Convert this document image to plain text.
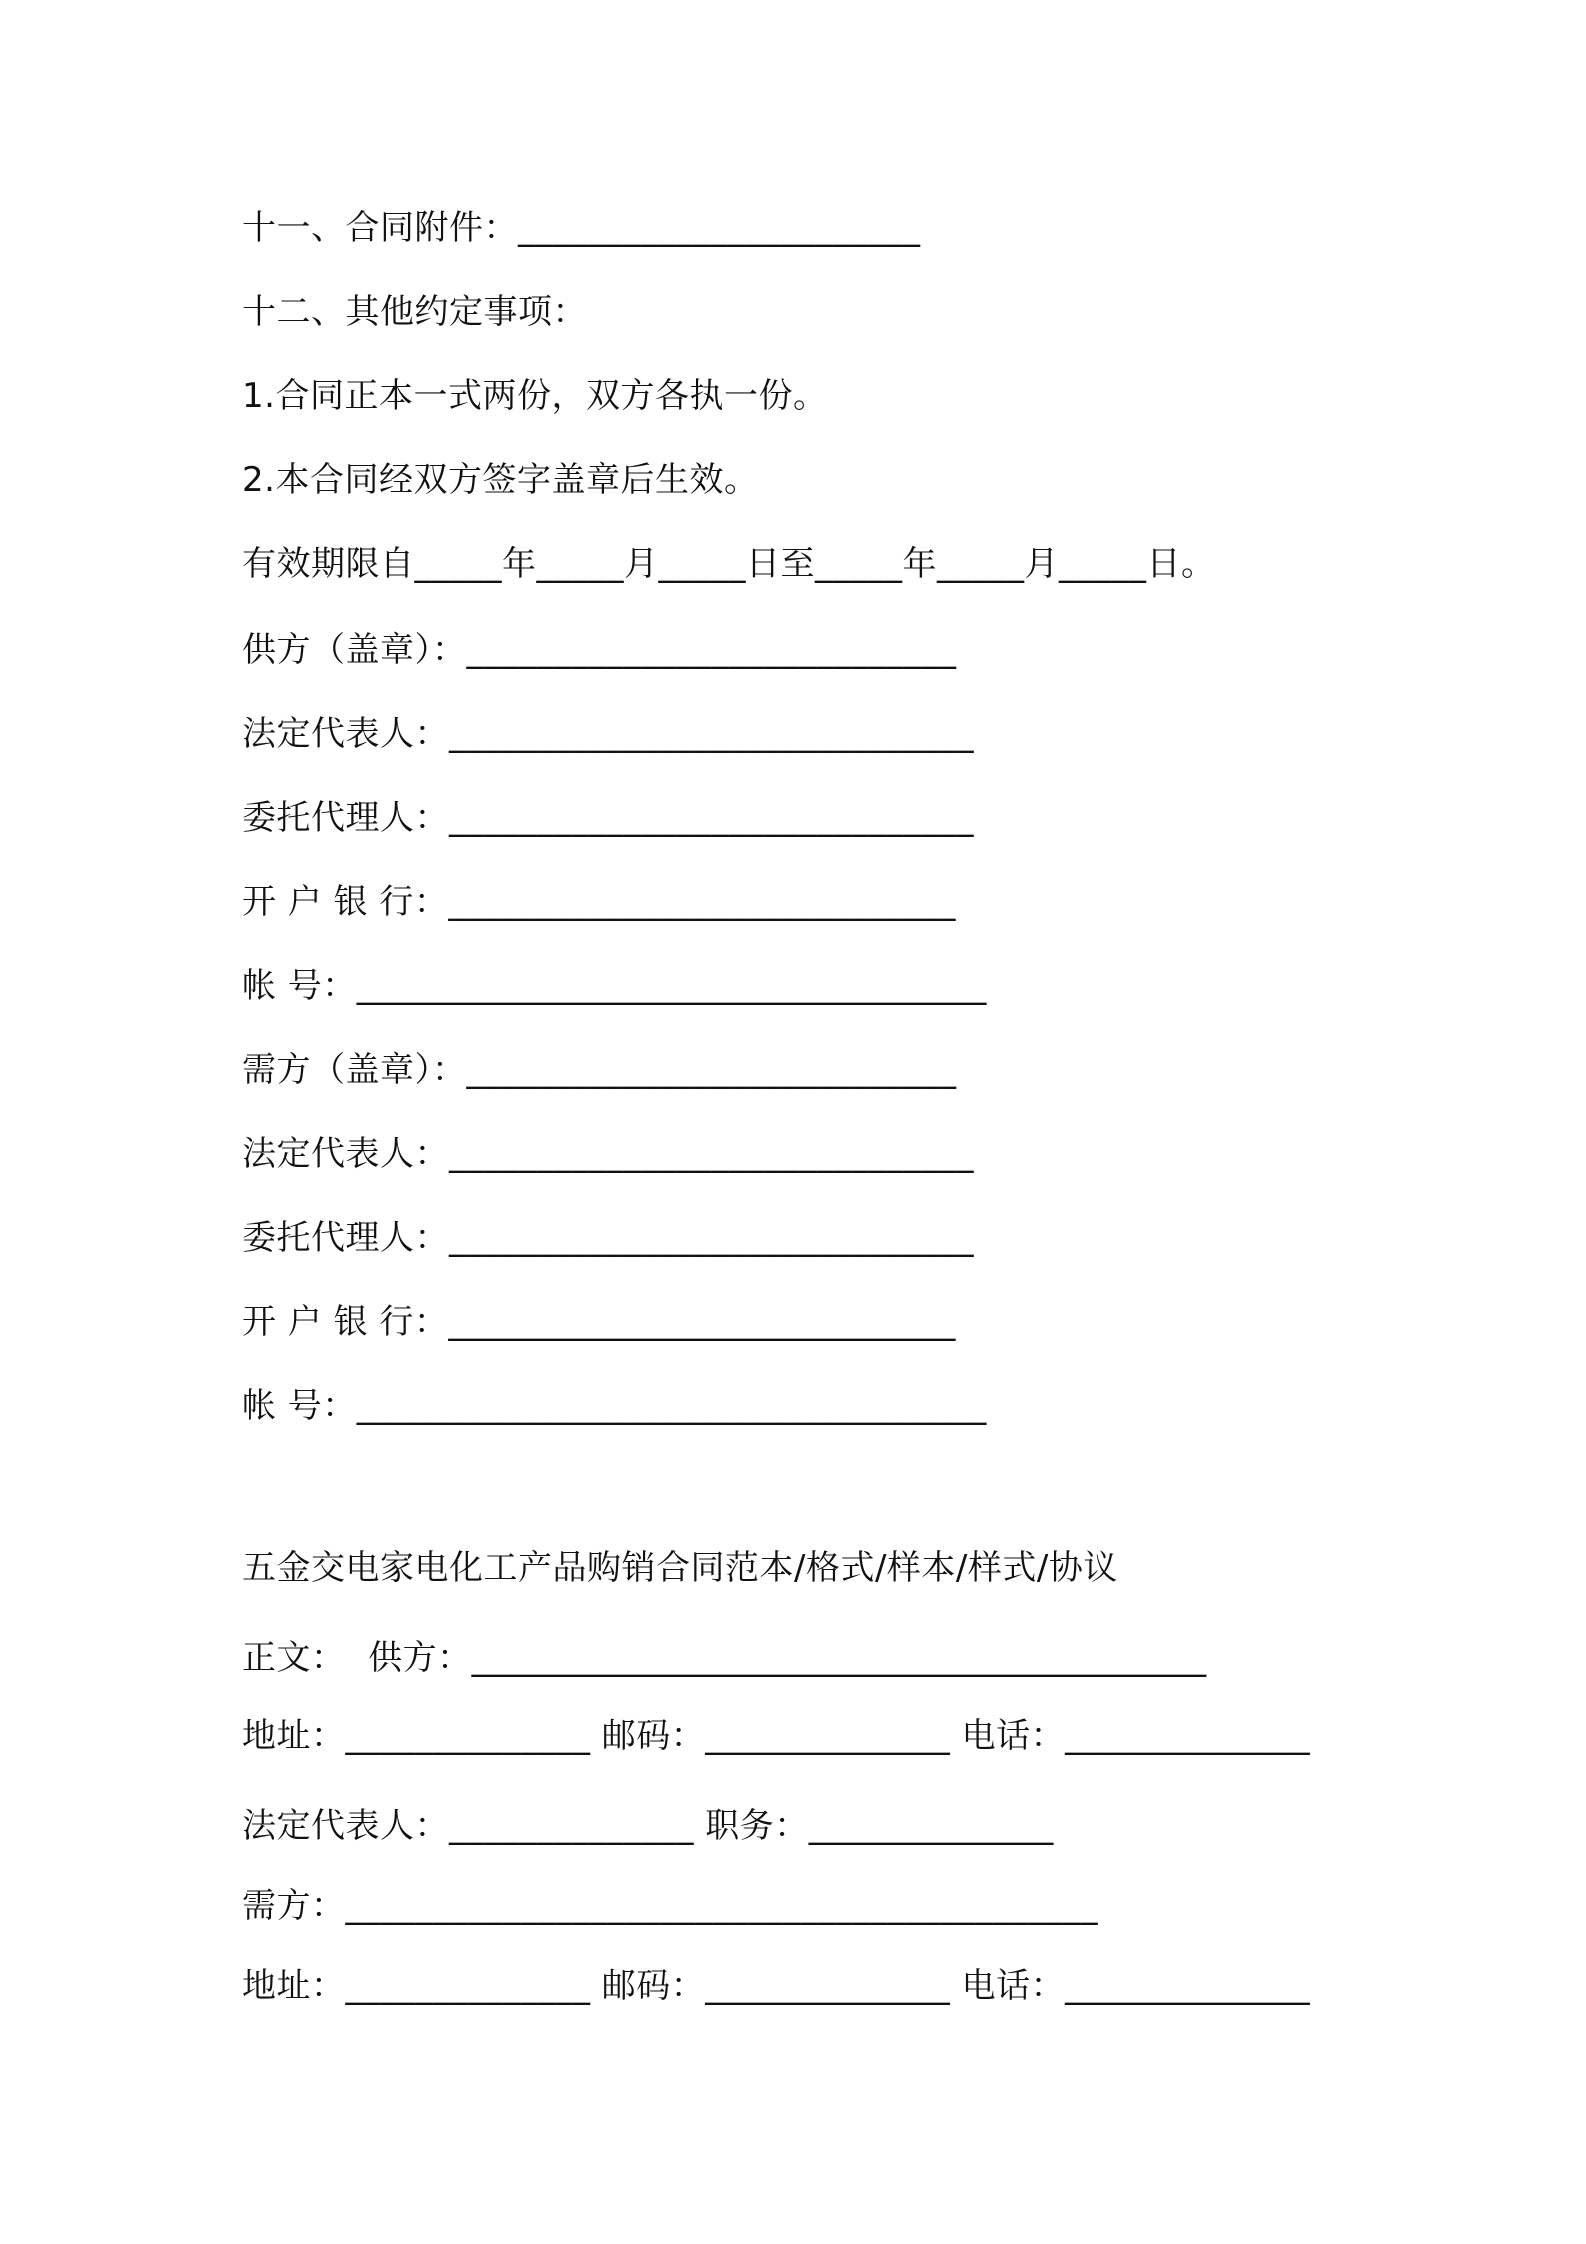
十一、合同附件：_______________________
十二、其他约定事项：
1.合同正本一式两份，双方各执一份。
2.本合同经双方签字盖章后生效。
有效期限自_____年_____月_____日至_____年_____月_____日。
供方（盖章）：____________________________
法定代表人：______________________________
委托代理人：______________________________
开 户 银 行：_____________________________
帐 号：____________________________________
需方（盖章）：____________________________
法定代表人：______________________________
委托代理人：______________________________
开 户 银 行：_____________________________
帐 号：____________________________________
五金交电家电化工产品购销合同范本/格式/样本/样式/协议
正文：  供方：__________________________________________
地址：______________ 邮码：______________ 电话：______________
法定代表人：______________ 职务：______________
需方：___________________________________________
地址：______________ 邮码：______________ 电话：______________
